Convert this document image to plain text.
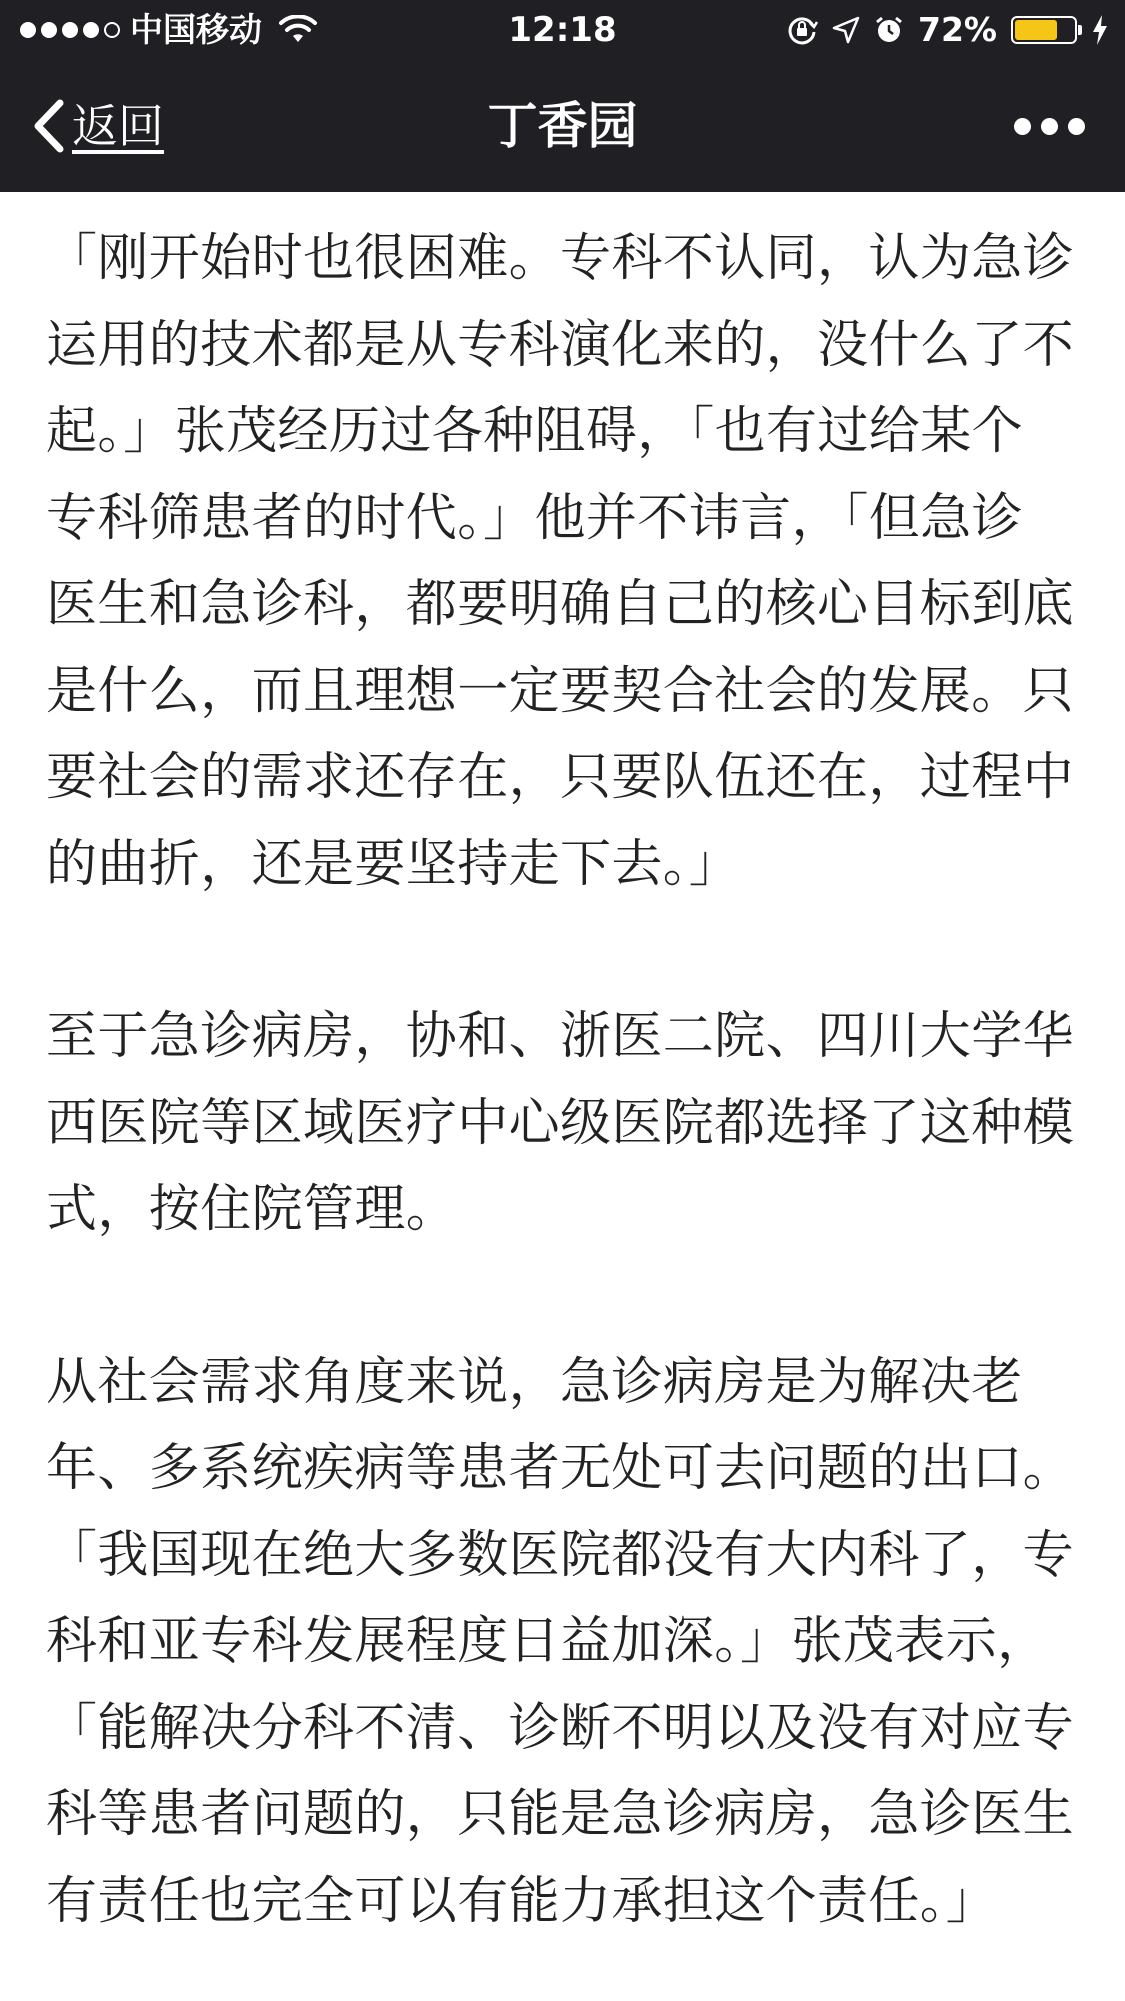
中国移动	12:18	72%
返回	丁香园

「刚开始时也很困难。专科不认同，认为急诊
运用的技术都是从专科演化来的，没什么了不
起。」张茂经历过各种阻碍，「也有过给某个
专科筛患者的时代。」他并不讳言，「但急诊
医生和急诊科，都要明确自己的核心目标到底
是什么，而且理想一定要契合社会的发展。只
要社会的需求还存在，只要队伍还在，过程中
的曲折，还是要坚持走下去。」

至于急诊病房，协和、浙医二院、四川大学华
西医院等区域医疗中心级医院都选择了这种模
式，按住院管理。

从社会需求角度来说，急诊病房是为解决老
年、多系统疾病等患者无处可去问题的出口。
「我国现在绝大多数医院都没有大内科了，专
科和亚专科发展程度日益加深。」张茂表示，
「能解决分科不清、诊断不明以及没有对应专
科等患者问题的，只能是急诊病房，急诊医生
有责任也完全可以有能力承担这个责任。」
